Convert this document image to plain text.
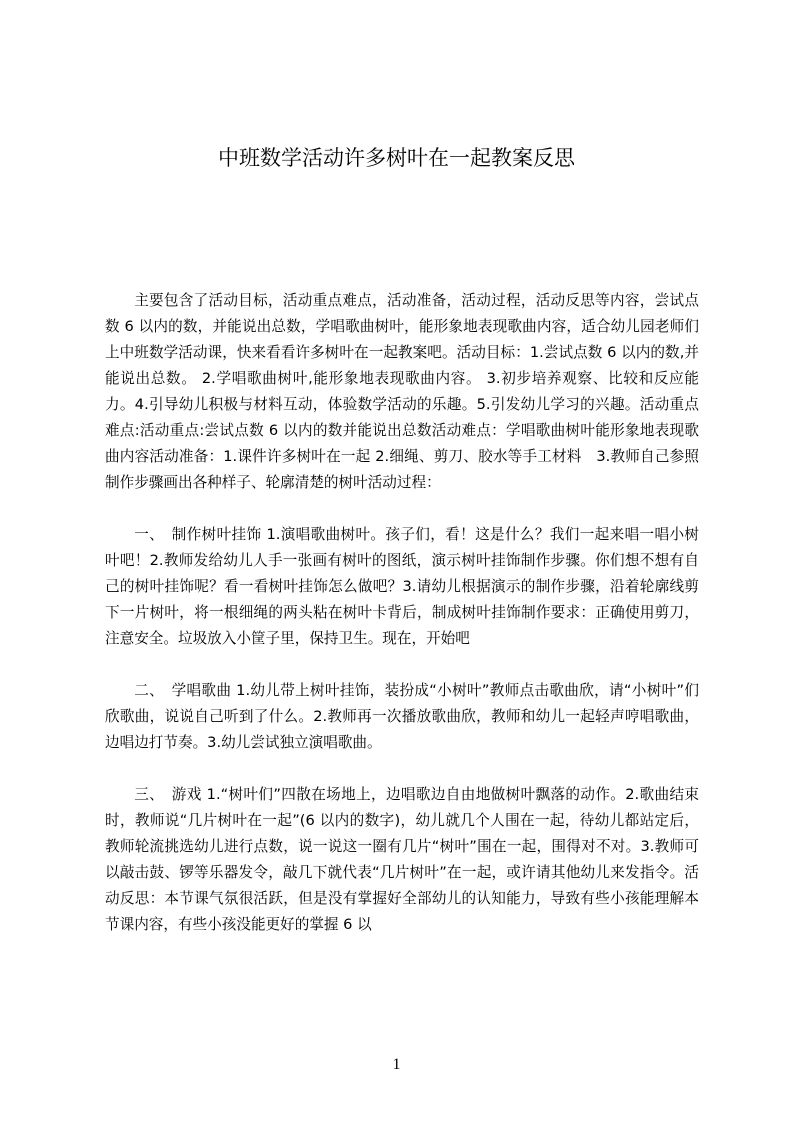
中班数学活动许多树叶在一起教案反思

主要包含了活动目标，活动重点难点，活动准备，活动过程，活动反思等内容，尝试点数 6 以内的数，并能说出总数，学唱歌曲树叶，能形象地表现歌曲内容，适合幼儿园老师们上中班数学活动课，快来看看许多树叶在一起教案吧。活动目标：1.尝试点数 6 以内的数,并能说出总数。 2.学唱歌曲树叶,能形象地表现歌曲内容。 3.初步培养观察、比较和反应能力。4.引导幼儿积极与材料互动，体验数学活动的乐趣。5.引发幼儿学习的兴趣。活动重点难点:活动重点:尝试点数 6 以内的数并能说出总数活动难点：学唱歌曲树叶能形象地表现歌曲内容活动准备：1.课件许多树叶在一起 2.细绳、剪刀、胶水等手工材料　3.教师自己参照制作步骤画出各种样子、轮廓清楚的树叶活动过程：

一、　制作树叶挂饰 1.演唱歌曲树叶。孩子们，看！这是什么？我们一起来唱一唱小树叶吧！2.教师发给幼儿人手一张画有树叶的图纸，演示树叶挂饰制作步骤。你们想不想有自己的树叶挂饰呢？看一看树叶挂饰怎么做吧？3.请幼儿根据演示的制作步骤，沿着轮廓线剪下一片树叶，将一根细绳的两头粘在树叶卡背后，制成树叶挂饰制作要求：正确使用剪刀，注意安全。垃圾放入小筐子里，保持卫生。现在，开始吧

二、　学唱歌曲 1.幼儿带上树叶挂饰，装扮成“小树叶”教师点击歌曲欣，请“小树叶”们欣歌曲，说说自己听到了什么。2.教师再一次播放歌曲欣，教师和幼儿一起轻声哼唱歌曲，边唱边打节奏。3.幼儿尝试独立演唱歌曲。

三、　游戏 1.“树叶们”四散在场地上，边唱歌边自由地做树叶飘落的动作。2.歌曲结束时，教师说“几片树叶在一起”(6 以内的数字)，幼儿就几个人围在一起，待幼儿都站定后，教师轮流挑选幼儿进行点数，说一说这一圈有几片“树叶”围在一起，围得对不对。3.教师可以敲击鼓、锣等乐器发令，敲几下就代表“几片树叶”在一起，或许请其他幼儿来发指令。活动反思：本节课气氛很活跃，但是没有掌握好全部幼儿的认知能力，导致有些小孩能理解本节课内容，有些小孩没能更好的掌握 6 以

1
